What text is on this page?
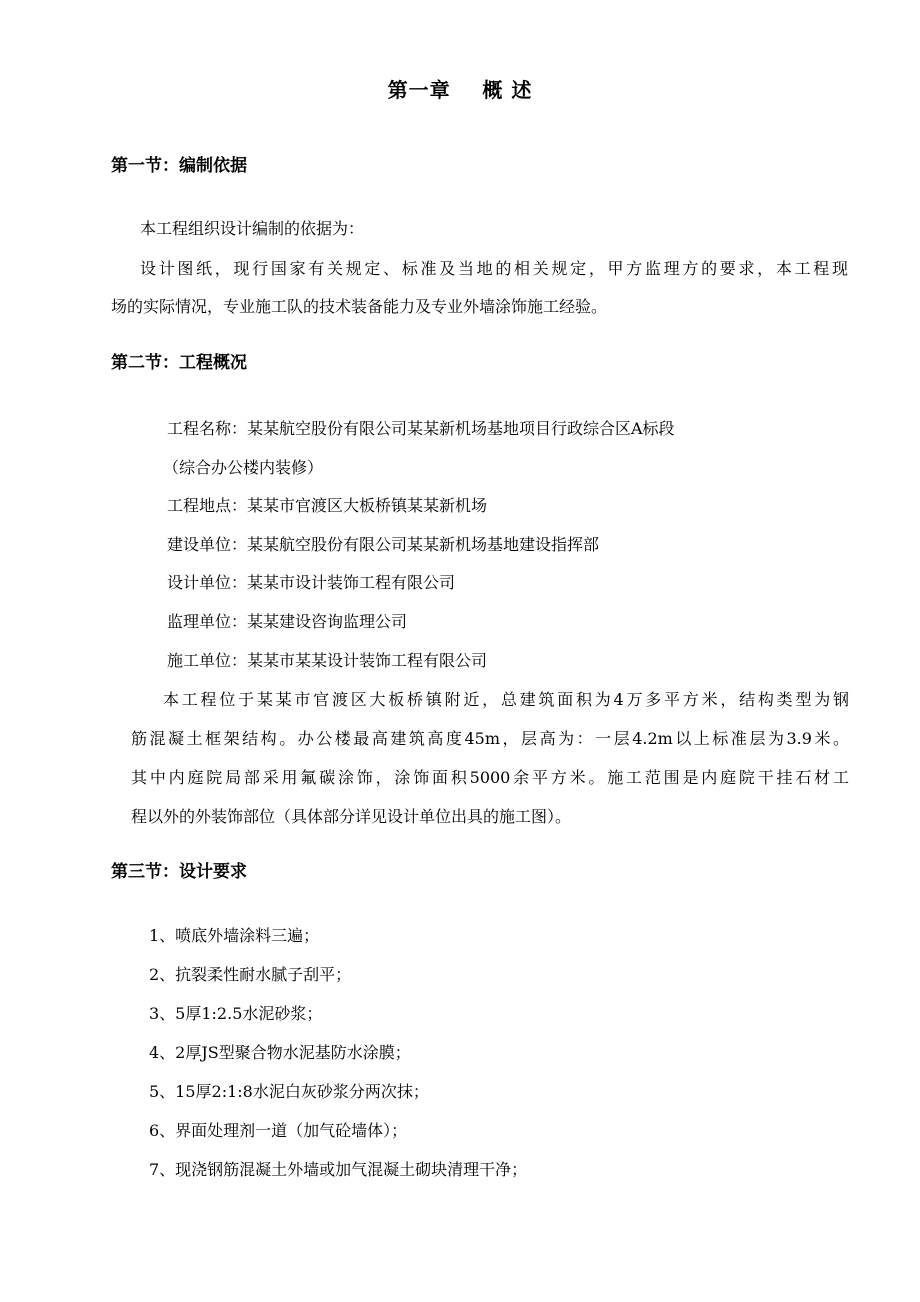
第一章    概 述
第一节：编制依据
本工程组织设计编制的依据为：
设计图纸，现行国家有关规定、标准及当地的相关规定，甲方监理方的要求，本工程现
场的实际情况，专业施工队的技术装备能力及专业外墙涂饰施工经验。
第二节：工程概况
工程名称：某某航空股份有限公司某某新机场基地项目行政综合区A标段
（综合办公楼内装修）
工程地点：某某市官渡区大板桥镇某某新机场
建设单位：某某航空股份有限公司某某新机场基地建设指挥部
设计单位：某某市设计装饰工程有限公司
监理单位：某某建设咨询监理公司
施工单位：某某市某某设计装饰工程有限公司
本工程位于某某市官渡区大板桥镇附近，总建筑面积为4万多平方米，结构类型为钢
筋混凝土框架结构。办公楼最高建筑高度45m，层高为：一层4.2m以上标准层为3.9米。
其中内庭院局部采用氟碳涂饰，涂饰面积5000余平方米。施工范围是内庭院干挂石材工
程以外的外装饰部位（具体部分详见设计单位出具的施工图）。
第三节：设计要求
1、喷底外墙涂料三遍；
2、抗裂柔性耐水腻子刮平；
3、5厚1:2.5水泥砂浆；
4、2厚JS型聚合物水泥基防水涂膜；
5、15厚2:1:8水泥白灰砂浆分两次抹；
6、界面处理剂一道（加气砼墙体）；
7、现浇钢筋混凝土外墙或加气混凝土砌块清理干净；
